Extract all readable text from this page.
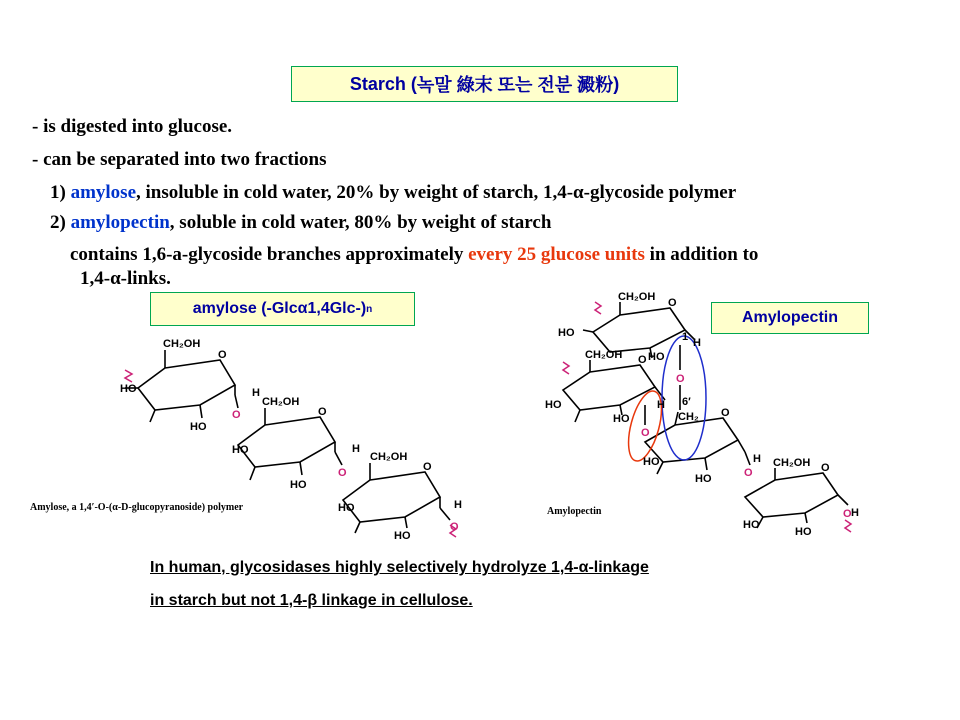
Starch ( 녹말 綠末 또는 전분 澱粉 )
- is digested into glucose.
- can be separated into two fractions
1) amylose, insoluble in cold water, 20% by weight of starch, 1,4-α-glycoside polymer
2) amylopectin, soluble in cold water, 80% by weight of starch
contains 1,6-a-glycoside branches approximately every 25 glucose units in addition to
1,4-α-links.
amylose (-Glcα1,4Glc-) n	Amylopectin
CH₂OH
O
HO
HO
H
O
CH₂OH
O
HO
HO
H
O
CH₂OH
O
HO
HO
H
O
Amylose, a 1,4′-O-(α-D-glucopyranoside) polymer
CH₂OH O
HO
HO
H
1
O
6′
CH₂OH O
HO
HO
H
O
CH₂ O
HO
HO
H
O
CH₂OH O
HO
HO
H
O
Amylopectin
In human, glycosidases highly selectively hydrolyze 1,4-α-linkage
in starch but not 1,4-β linkage in cellulose.
